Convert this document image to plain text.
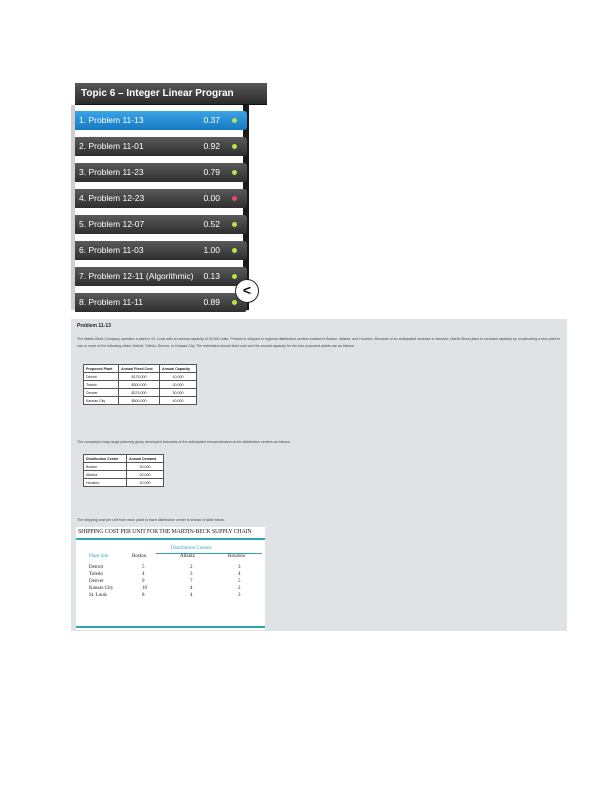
Topic 6 – Integer Linear Progran
1. Problem 11-13	0.37
2. Problem 11-01	0.92
3. Problem 11-23	0.79
4. Problem 12-23	0.00
5. Problem 12-07	0.52
6. Problem 11-03	1.00
7. Problem 12-11 (Algorithmic) 0.13
8. Problem 11-11	0.89
<
Problem 11-13
The Martin-Beck Company operates a plant in St. Louis with an annual capacity of 30,000 units. Product is shipped to regional distribution centers located in Boston, Atlanta, and Houston. Because of an anticipated increase in demand, Martin-Beck plans to increase capacity by constructing a new plant in one or more of the following cities: Detroit, Toledo, Denver, or Kansas City. The estimated annual fixed cost and the annual capacity for the four proposed plants are as follows:
Proposed Plant	Annual Fixed Cost	Annual Capacity
Detroit	$175,000	10,000
Toledo	$300,000	20,000
Denver	$375,000	30,000
Kansas City	$500,000	40,000
The company's long-range planning group developed forecasts of the anticipated annual demand at the distribution centers as follows:
Distribution Center	Annual Demand
Boston	30,000
Atlanta	20,000
Houston	20,000
The shipping cost per unit from each plant to each distribution center is shown in table below.
SHIPPING COST PER UNIT FOR THE MARTIN-BECK SUPPLY CHAIN
Distribution Centers
Plant Site	Boston	Atlanta	Houston
Detroit	5	2	3
Toledo	4	3	4
Denver	9	7	5
Kansas City	10	4	2
St. Louis	8	4	3
